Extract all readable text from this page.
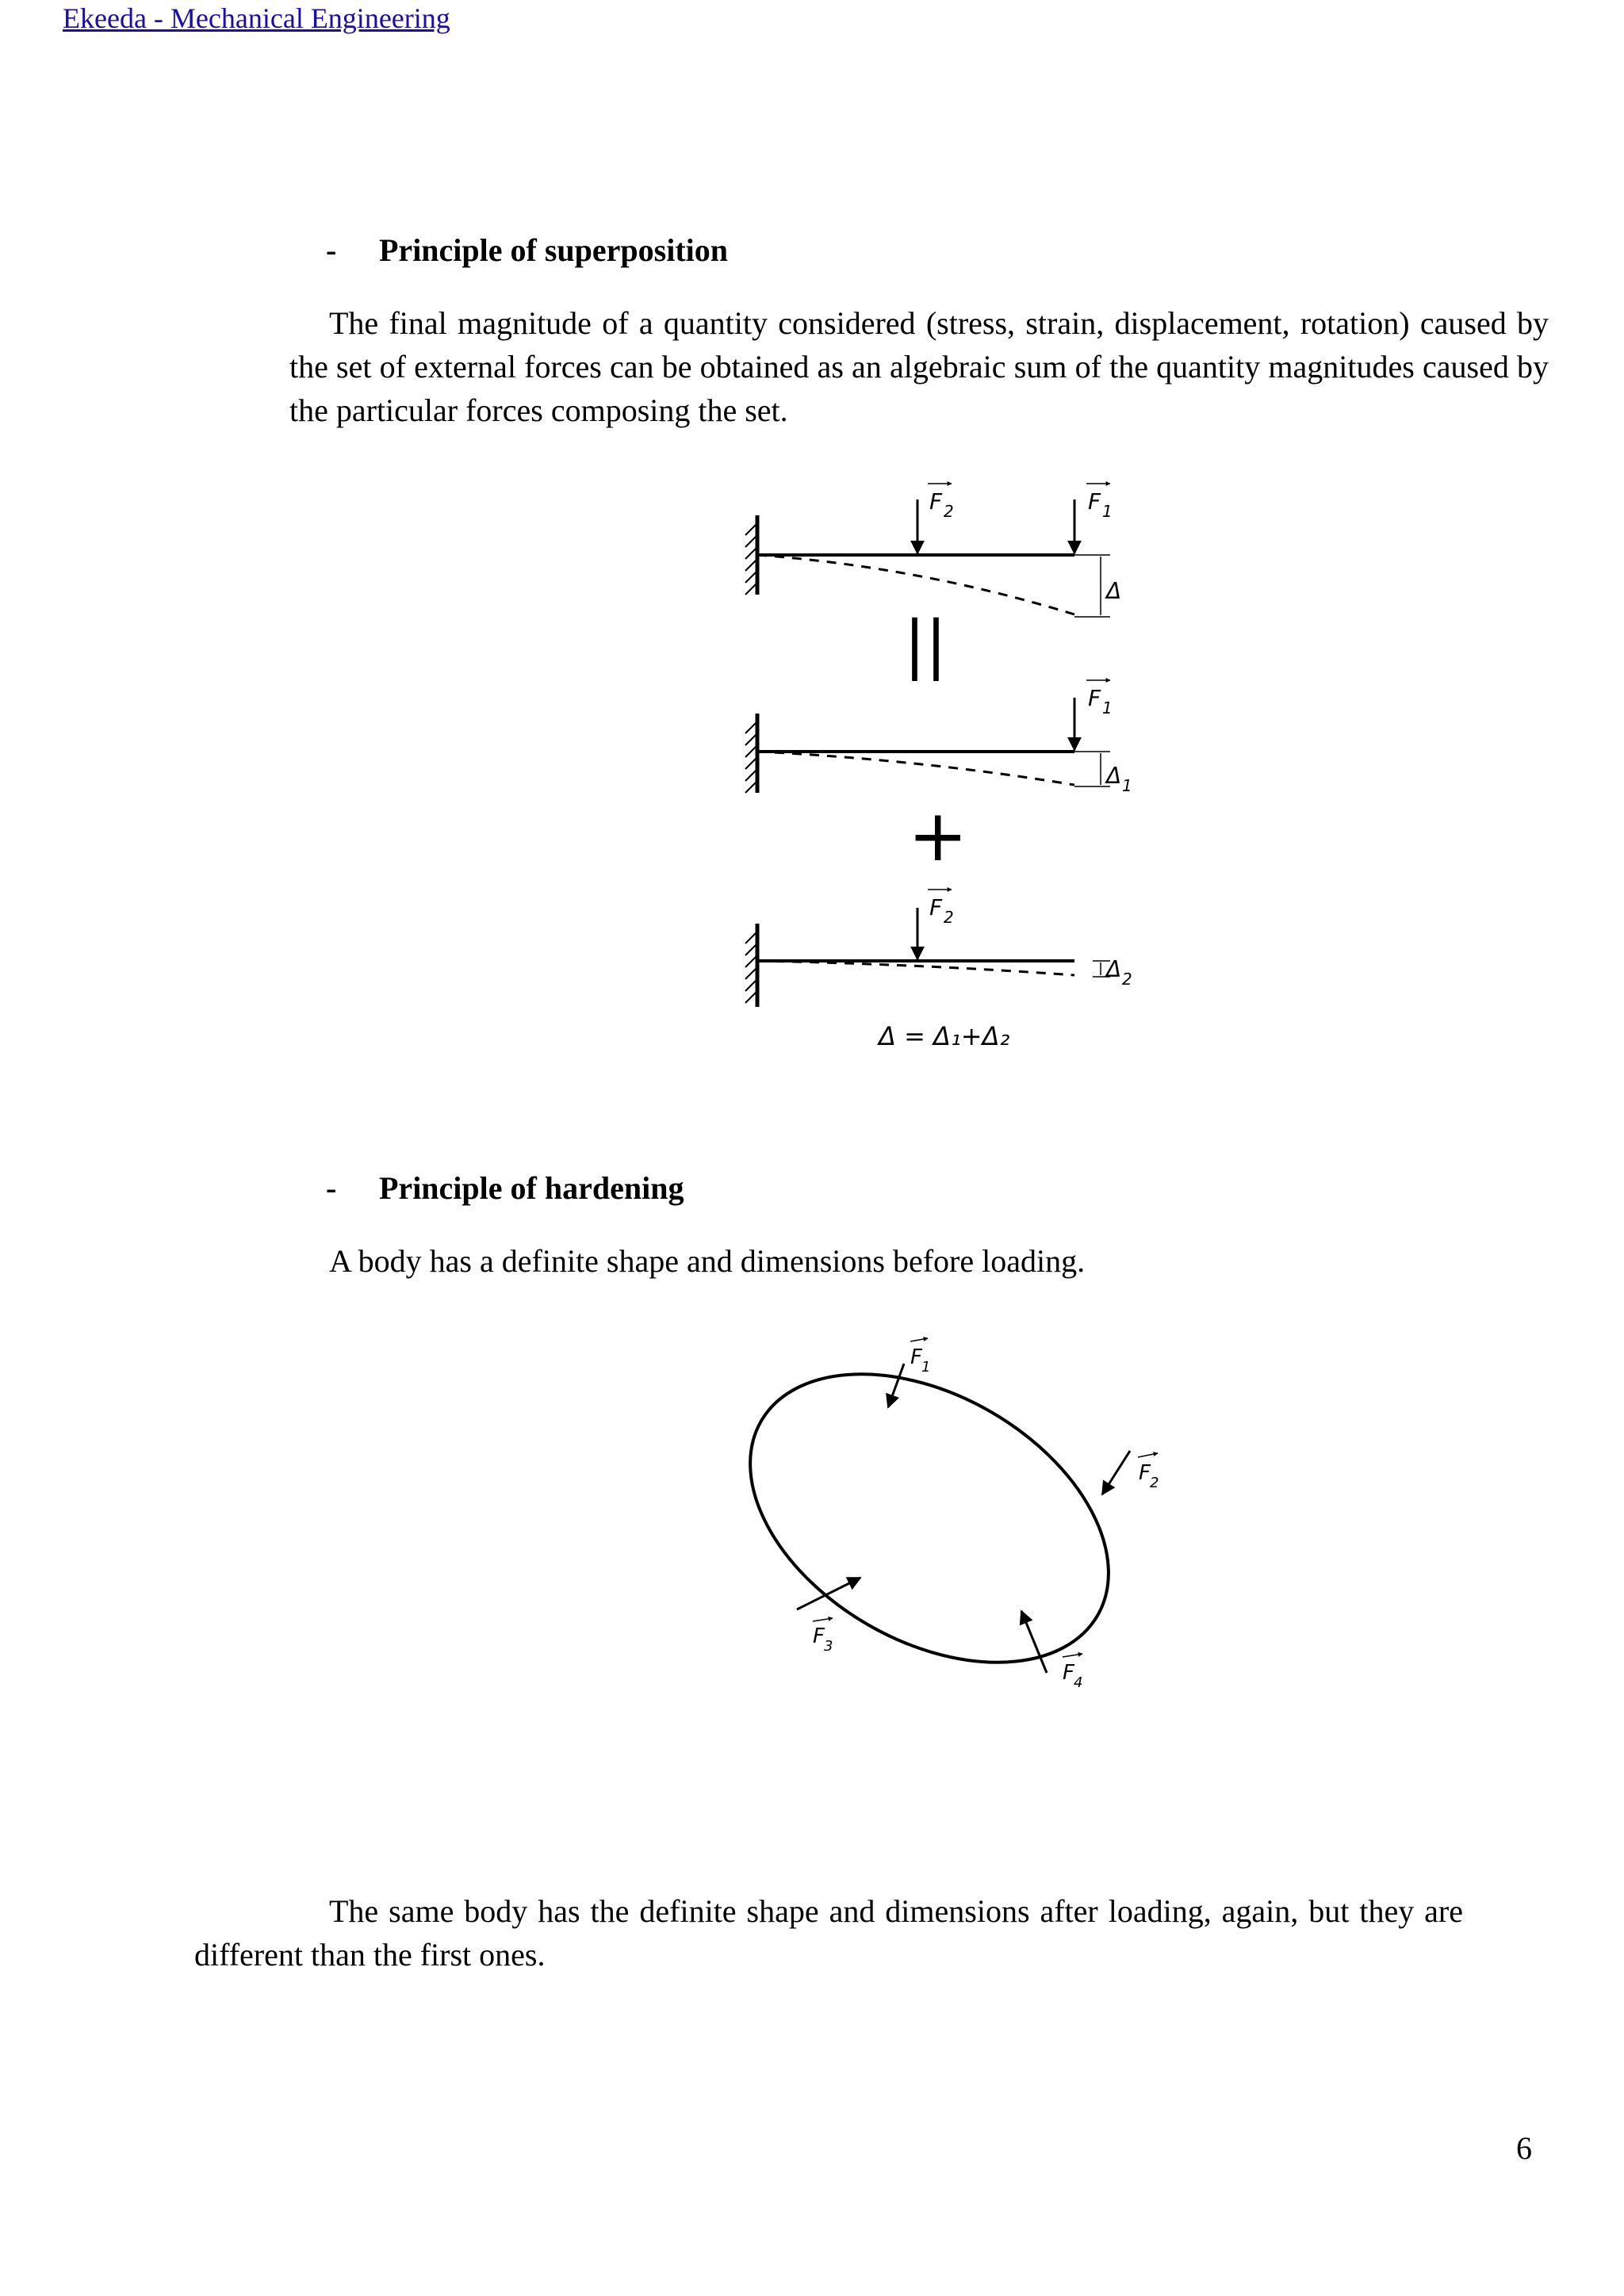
Ekeeda - Mechanical Engineering
- Principle of superposition

The final magnitude of a quantity considered (stress, strain, displacement, rotation) caused by the set of external forces can be obtained as an algebraic sum of the quantity magnitudes caused by the particular forces composing the set.

F 2	F 1
Δ
||
F 1
Δ 1
+
F 2
Δ 2
Δ = Δ₁+Δ₂
- Principle of hardening

A body has a definite shape and dimensions before loading.

F 1
F 2
F 3
F 4

The same body has the definite shape and dimensions after loading, again, but they are different than the first ones.

6
